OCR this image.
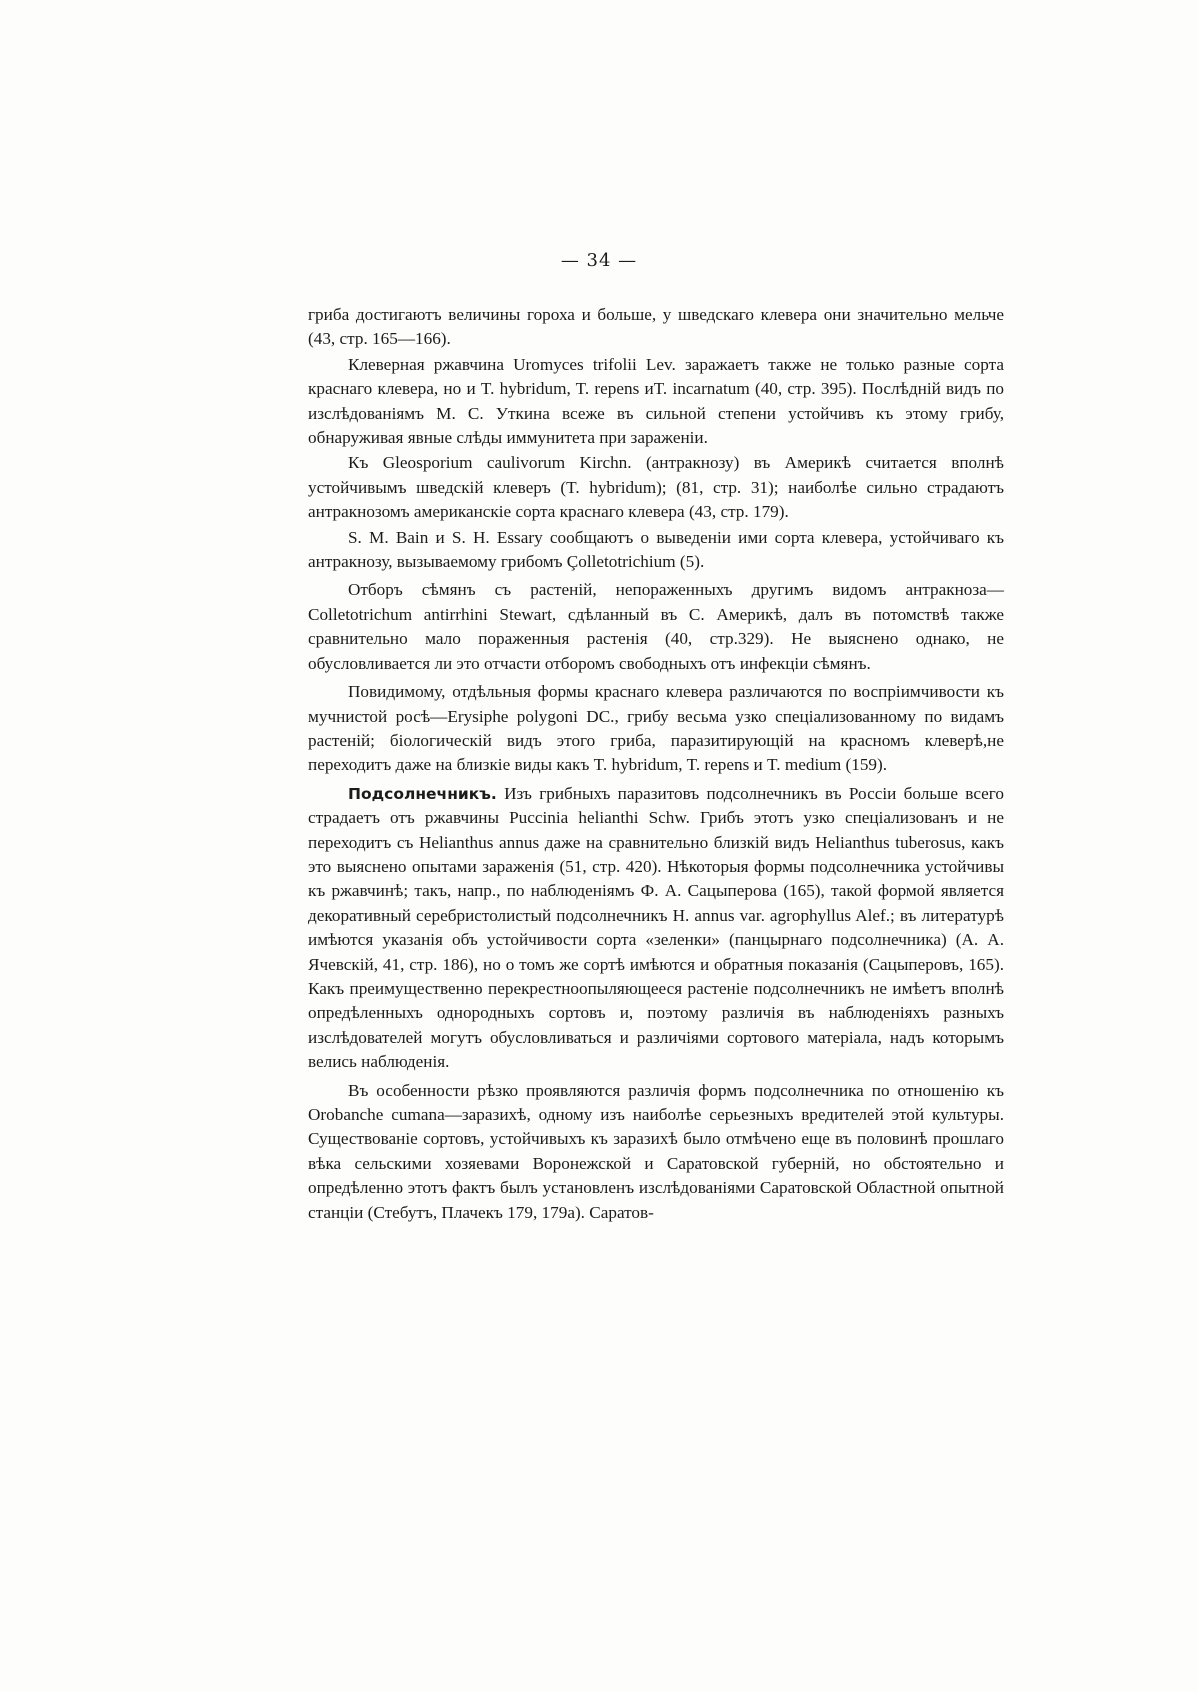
— 34 —

гриба достигаютъ величины гороха и больше, у шведскаго клевера они значительно мельче (43, стр. 165—166).

Клеверная ржавчина Uromyces trifolii Lev. заражаетъ также не только разные сорта краснаго клевера, но и T. hybridum, T. repens иT. incarnatum (40, стр. 395). Послѣдній видъ по изслѣдованіямъ М. С. Уткина всеже въ сильной степени устойчивъ къ этому грибу, обнаруживая явные слѣды иммунитета при зараженіи.

Къ Gleosporium caulivorum Kirchn. (антракнозу) въ Америкѣ считается вполнѣ устойчивымъ шведскій клеверъ (T. hybridum); (81, стр. 31); наиболѣе сильно страдаютъ антракнозомъ американскіе сорта краснаго клевера (43, стр. 179).

S. M. Bain и S. H. Essary сообщаютъ о выведеніи ими сорта клевера, устойчиваго къ антракнозу, вызываемому грибомъ Çolletotrichium (5).

Отборъ сѣмянъ съ растеній, непораженныхъ другимъ видомъ антракноза—Colletotrichum antirrhini Stewart, сдѣланный въ С. Америкѣ, далъ въ потомствѣ также сравнительно мало пораженныя растенія (40, стр.329). Не выяснено однако, не обусловливается ли это отчасти отборомъ свободныхъ отъ инфекціи сѣмянъ.

Повидимому, отдѣльныя формы краснаго клевера различаются по воспріимчивости къ мучнистой росѣ—Erysiphe polygoni DC., грибу весьма узко спеціализованному по видамъ растеній; біологическій видъ этого гриба, паразитирующій на красномъ клеверѣ,не переходитъ даже на близкіе виды какъ T. hybridum, T. repens и T. medium (159).

Подсолнечникъ. Изъ грибныхъ паразитовъ подсолнечникъ въ Россіи больше всего страдаетъ отъ ржавчины Puccinia helianthi Schw. Грибъ этотъ узко спеціализованъ и не переходитъ съ Helianthus annus даже на сравнительно близкій видъ Helianthus tuberosus, какъ это выяснено опытами зараженія (51, стр. 420). Нѣкоторыя формы подсолнечника устойчивы къ ржавчинѣ; такъ, напр., по наблюденіямъ Ф. А. Сацыперова (165), такой формой является декоративный серебристолистый подсолнечникъ H. annus var. agrophyllus Alef.; въ литературѣ имѣются указанія объ устойчивости сорта «зеленки» (панцырнаго подсолнечника) (А. А. Ячевскій, 41, стр. 186), но о томъ же сортѣ имѣются и обратныя показанія (Сацыперовъ, 165). Какъ преимущественно перекрестноопыляющееся растеніе подсолнечникъ не имѣетъ вполнѣ опредѣленныхъ однородныхъ сортовъ и, поэтому различія въ наблюденіяхъ разныхъ изслѣдователей могутъ обусловливаться и различіями сортового матеріала, надъ которымъ велись наблюденія.

Въ особенности рѣзко проявляются различія формъ подсолнечника по отношенію къ Orobanche cumana—заразихѣ, одному изъ наиболѣе серьезныхъ вредителей этой культуры. Существованіе сортовъ, устойчивыхъ къ заразихѣ было отмѣчено еще въ половинѣ прошлаго вѣка сельскими хозяевами Воронежской и Саратовской губерній, но обстоятельно и опредѣленно этотъ фактъ былъ установленъ изслѣдованіями Саратовской Областной опытной станціи (Стебутъ, Плачекъ 179, 179а). Саратов-
